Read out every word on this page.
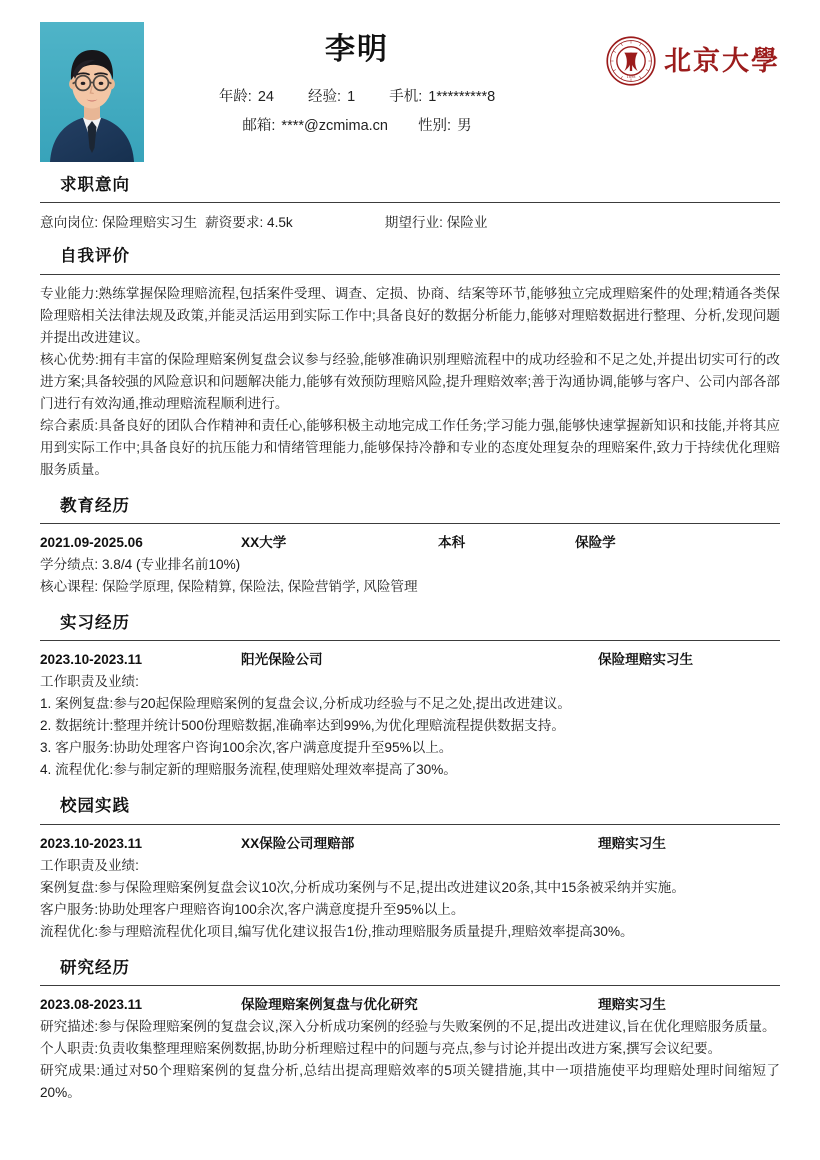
李明
年龄: 24 经验: 1 手机: 1*********8
邮箱: ****@zcmima.cn 性别: 男
1898
北京大學
求职意向
意向岗位: 保险理赔实习生 薪资要求: 4.5k	期望行业: 保险业
自我评价

专业能力:熟练掌握保险理赔流程,包括案件受理、调查、定损、协商、结案等环节,能够独立完成理赔案件的处理;精通各类保险理赔相关法律法规及政策,并能灵活运用到实际工作中;具备良好的数据分析能力,能够对理赔数据进行整理、分析,发现问题并提出改进建议。

核心优势:拥有丰富的保险理赔案例复盘会议参与经验,能够准确识别理赔流程中的成功经验和不足之处,并提出切实可行的改进方案;具备较强的风险意识和问题解决能力,能够有效预防理赔风险,提升理赔效率;善于沟通协调,能够与客户、公司内部各部门进行有效沟通,推动理赔流程顺利进行。

综合素质:具备良好的团队合作精神和责任心,能够积极主动地完成工作任务;学习能力强,能够快速掌握新知识和技能,并将其应用到实际工作中;具备良好的抗压能力和情绪管理能力,能够保持冷静和专业的态度处理复杂的理赔案件,致力于持续优化理赔服务质量。

教育经历
2021.09-2025.06	XX大学	本科	保险学
学分绩点: 3.8/4 (专业排名前10%)
核心课程: 保险学原理, 保险精算, 保险法, 保险营销学, 风险管理
实习经历
2023.10-2023.11	阳光保险公司	保险理赔实习生
工作职责及业绩:
1. 案例复盘:参与20起保险理赔案例的复盘会议,分析成功经验与不足之处,提出改进建议。
2. 数据统计:整理并统计500份理赔数据,准确率达到99%,为优化理赔流程提供数据支持。
3. 客户服务:协助处理客户咨询100余次,客户满意度提升至95%以上。
4. 流程优化:参与制定新的理赔服务流程,使理赔处理效率提高了30%。
校园实践
2023.10-2023.11	XX保险公司理赔部	理赔实习生
工作职责及业绩:
案例复盘:参与保险理赔案例复盘会议10次,分析成功案例与不足,提出改进建议20条,其中15条被采纳并实施。
客户服务:协助处理客户理赔咨询100余次,客户满意度提升至95%以上。
流程优化:参与理赔流程优化项目,编写优化建议报告1份,推动理赔服务质量提升,理赔效率提高30%。
研究经历
2023.08-2023.11	保险理赔案例复盘与优化研究	理赔实习生

研究描述:参与保险理赔案例的复盘会议,深入分析成功案例的经验与失败案例的不足,提出改进建议,旨在优化理赔服务质量。

个人职责:负责收集整理理赔案例数据,协助分析理赔过程中的问题与亮点,参与讨论并提出改进方案,撰写会议纪要。

研究成果:通过对50个理赔案例的复盘分析,总结出提高理赔效率的5项关键措施,其中一项措施使平均理赔处理时间缩短了20%。
